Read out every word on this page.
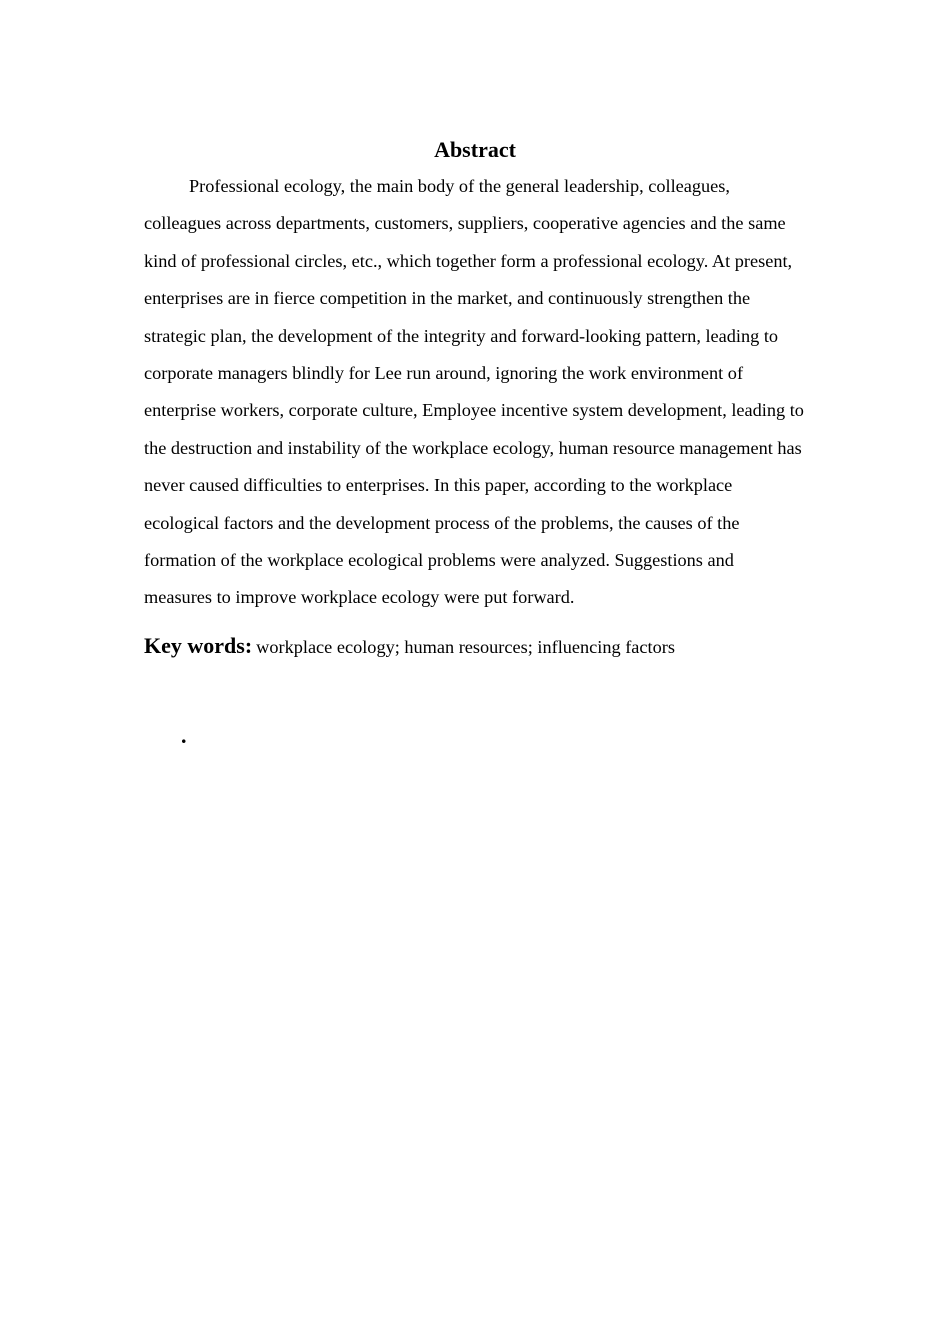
Abstract

Professional ecology, the main body of the general leadership, colleagues, colleagues across departments, customers, suppliers, cooperative agencies and the same kind of professional circles, etc., which together form a professional ecology. At present, enterprises are in fierce competition in the market, and continuously strengthen the strategic plan, the development of the integrity and forward-looking pattern, leading to corporate managers blindly for Lee run around, ignoring the work environment of enterprise workers, corporate culture, Employee incentive system development, leading to the destruction and instability of the workplace ecology, human resource management has never caused difficulties to enterprises. In this paper, according to the workplace ecological factors and the development process of the problems, the causes of the formation of the workplace ecological problems were analyzed. Suggestions and measures to improve workplace ecology were put forward.

Key words: workplace ecology; human resources; influencing factors
.
